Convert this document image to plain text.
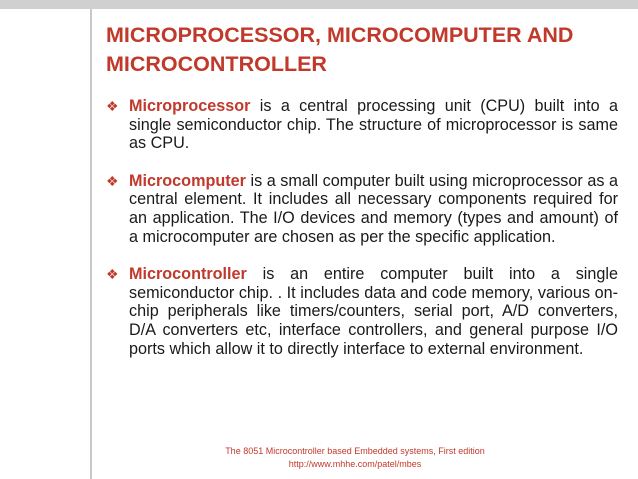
MICROPROCESSOR, MICROCOMPUTER AND MICROCONTROLLER
❖ Microprocessor is a central processing unit (CPU) built into a single semiconductor chip. The structure of microprocessor is same as CPU.
❖ Microcomputer is a small computer built using microprocessor as a central element. It includes all necessary components required for an application. The I/O devices and memory (types and amount) of a microcomputer are chosen as per the specific application.
❖ Microcontroller is an entire computer built into a single semiconductor chip. . It includes data and code memory, various on-chip peripherals like timers/counters, serial port, A/D converters, D/A converters etc, interface controllers, and general purpose I/O ports which allow it to directly interface to external environment.
The 8051 Microcontroller based Embedded systems, First edition
http://www.mhhe.com/patel/mbes
